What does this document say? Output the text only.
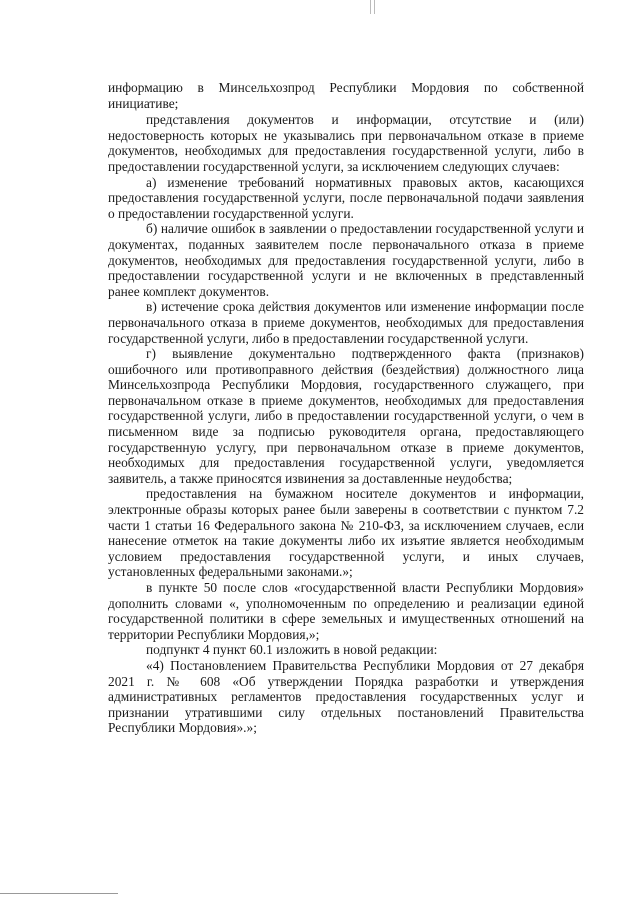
информацию в Минсельхозпрод Республики Мордовия по собственной инициативе;

представления документов и информации, отсутствие и (или) недостоверность которых не указывались при первоначальном отказе в приеме документов, необходимых для предоставления государственной услуги, либо в предоставлении государственной услуги, за исключением следующих случаев:

а) изменение требований нормативных правовых актов, касающихся предоставления государственной услуги, после первоначальной подачи заявления о предоставлении государственной услуги.

б) наличие ошибок в заявлении о предоставлении государственной услуги и документах, поданных заявителем после первоначального отказа в приеме документов, необходимых для предоставления государственной услуги, либо в предоставлении государственной услуги и не включенных в представленный ранее комплект документов.

в) истечение срока действия документов или изменение информации после первоначального отказа в приеме документов, необходимых для предоставления государственной услуги, либо в предоставлении государственной услуги.

г) выявление документально подтвержденного факта (признаков) ошибочного или противоправного действия (бездействия) должностного лица Минсельхозпрода Республики Мордовия, государственного служащего, при первоначальном отказе в приеме документов, необходимых для предоставления государственной услуги, либо в предоставлении государственной услуги, о чем в письменном виде за подписью руководителя органа, предоставляющего государственную услугу, при первоначальном отказе в приеме документов, необходимых для предоставления государственной услуги, уведомляется заявитель, а также приносятся извинения за доставленные неудобства;

предоставления на бумажном носителе документов и информации, электронные образы которых ранее были заверены в соответствии с пунктом 7.2 части 1 статьи 16 Федерального закона № 210-ФЗ, за исключением случаев, если нанесение отметок на такие документы либо их изъятие является необходимым условием предоставления государственной услуги, и иных случаев, установленных федеральными законами.»;

в пункте 50 после слов «государственной власти Республики Мордовия» дополнить словами «, уполномоченным по определению и реализации единой государственной политики в сфере земельных и имущественных отношений на территории Республики Мордовия,»;

подпункт 4 пункт 60.1 изложить в новой редакции:

«4) Постановлением Правительства Республики Мордовия от 27 декабря 2021 г. № 608 «Об утверждении Порядка разработки и утверждения административных регламентов предоставления государственных услуг и признании утратившими силу отдельных постановлений Правительства Республики Мордовия».»;
